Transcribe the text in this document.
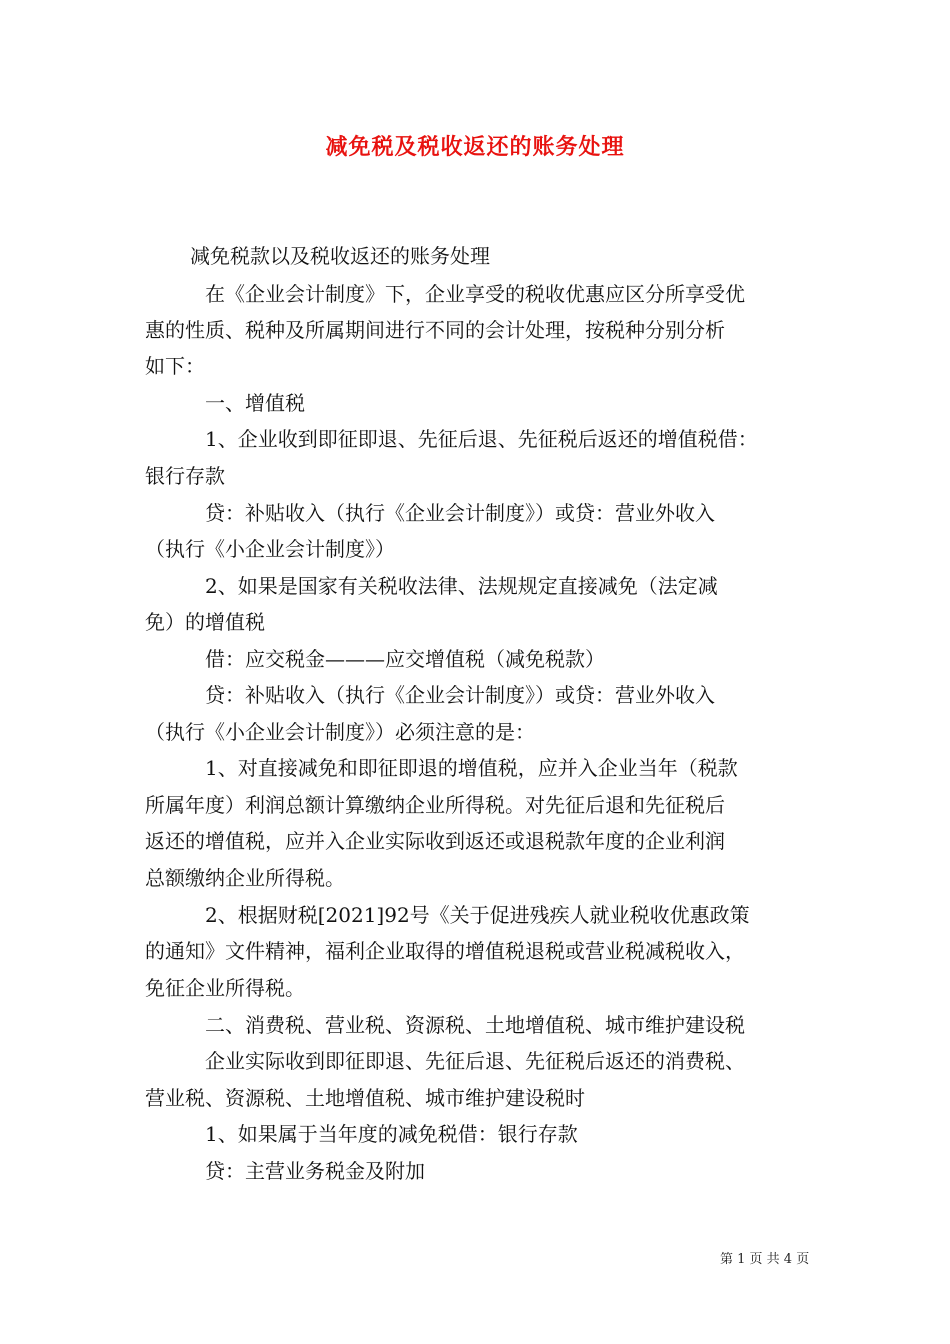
减免税及税收返还的账务处理
减免税款以及税收返还的账务处理
在《企业会计制度》下，企业享受的税收优惠应区分所享受优
惠的性质、税种及所属期间进行不同的会计处理，按税种分别分析
如下：
一、增值税
1、企业收到即征即退、先征后退、先征税后返还的增值税借：
银行存款
贷：补贴收入（执行《企业会计制度》）或贷：营业外收入
（执行《小企业会计制度》）
2、如果是国家有关税收法律、法规规定直接减免（法定减
免）的增值税
借：应交税金———应交增值税（减免税款）
贷：补贴收入（执行《企业会计制度》）或贷：营业外收入
（执行《小企业会计制度》）必须注意的是：
1、对直接减免和即征即退的增值税，应并入企业当年（税款
所属年度）利润总额计算缴纳企业所得税。对先征后退和先征税后
返还的增值税，应并入企业实际收到返还或退税款年度的企业利润
总额缴纳企业所得税。
2、根据财税[2021]92号《关于促进残疾人就业税收优惠政策
的通知》文件精神，福利企业取得的增值税退税或营业税减税收入，
免征企业所得税。
二、消费税、营业税、资源税、土地增值税、城市维护建设税
企业实际收到即征即退、先征后退、先征税后返还的消费税、
营业税、资源税、土地增值税、城市维护建设税时
1、如果属于当年度的减免税借：银行存款
贷：主营业务税金及附加
第 1 页 共 4 页
